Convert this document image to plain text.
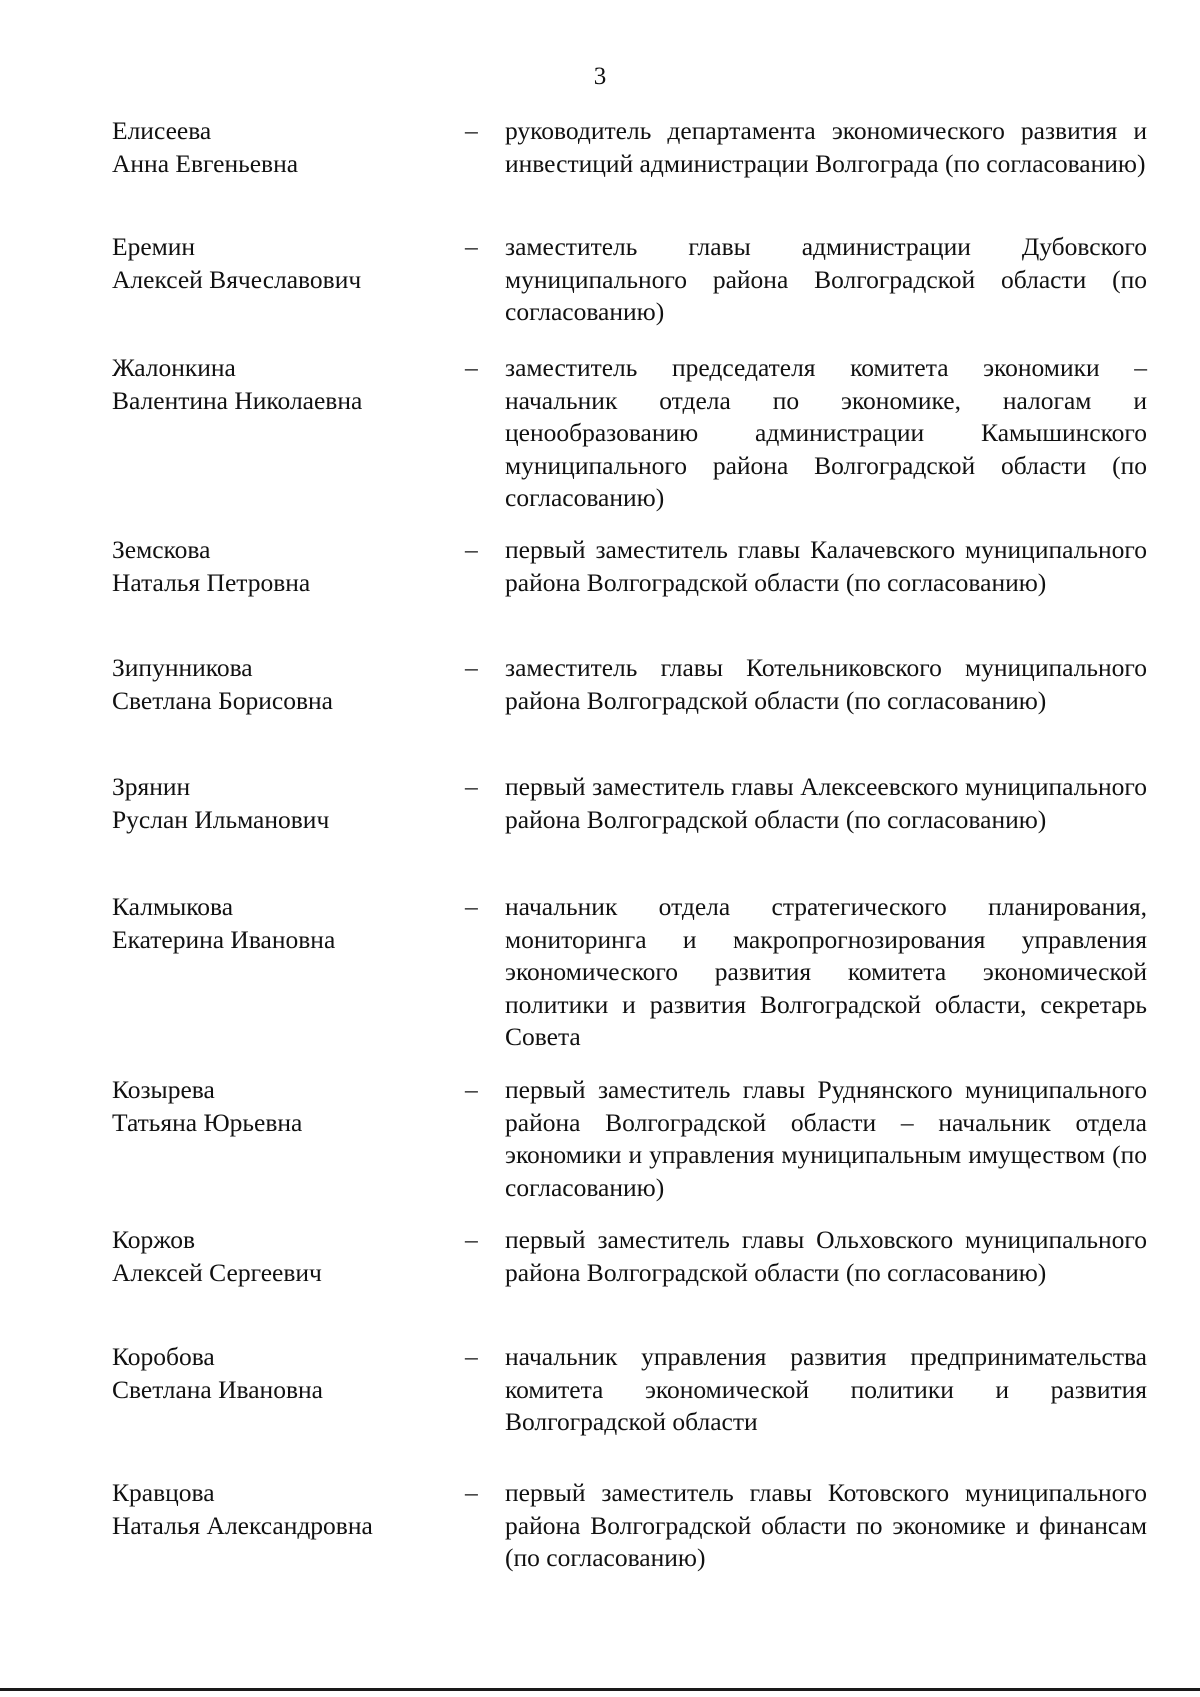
3
Елисеева
Анна Евгеньевна
– руководитель департамента экономического развития и инвестиций администрации Волгограда (по согласованию)
Еремин
Алексей Вячеславович
– заместитель главы администрации Дубовского муниципального района Волгоградской области (по согласованию)
Жалонкина
Валентина Николаевна
– заместитель председателя комитета экономики – начальник отдела по экономике, налогам и ценообразованию администрации Камышинского муниципального района Волгоградской области (по согласованию)
Земскова
Наталья Петровна
– первый заместитель главы Калачевского муниципального района Волгоградской области (по согласованию)
Зипунникова
Светлана Борисовна
– заместитель главы Котельниковского муниципального района Волгоградской области (по согласованию)
Зрянин
Руслан Ильманович
– первый заместитель главы Алексеевского муниципального района Волгоградской области (по согласованию)
Калмыкова
Екатерина Ивановна
– начальник отдела стратегического планирования, мониторинга и макропрогнозирования управления экономического развития комитета экономической политики и развития Волгоградской области, секретарь Совета
Козырева
Татьяна Юрьевна
– первый заместитель главы Руднянского муниципального района Волгоградской области – начальник отдела экономики и управления муниципальным имуществом (по согласованию)
Коржов
Алексей Сергеевич
– первый заместитель главы Ольховского муниципального района Волгоградской области (по согласованию)
Коробова
Светлана Ивановна
– начальник управления развития предпринимательства комитета экономической политики и развития Волгоградской области
Кравцова
Наталья Александровна
– первый заместитель главы Котовского муниципального района Волгоградской области по экономике и финансам (по согласованию)
